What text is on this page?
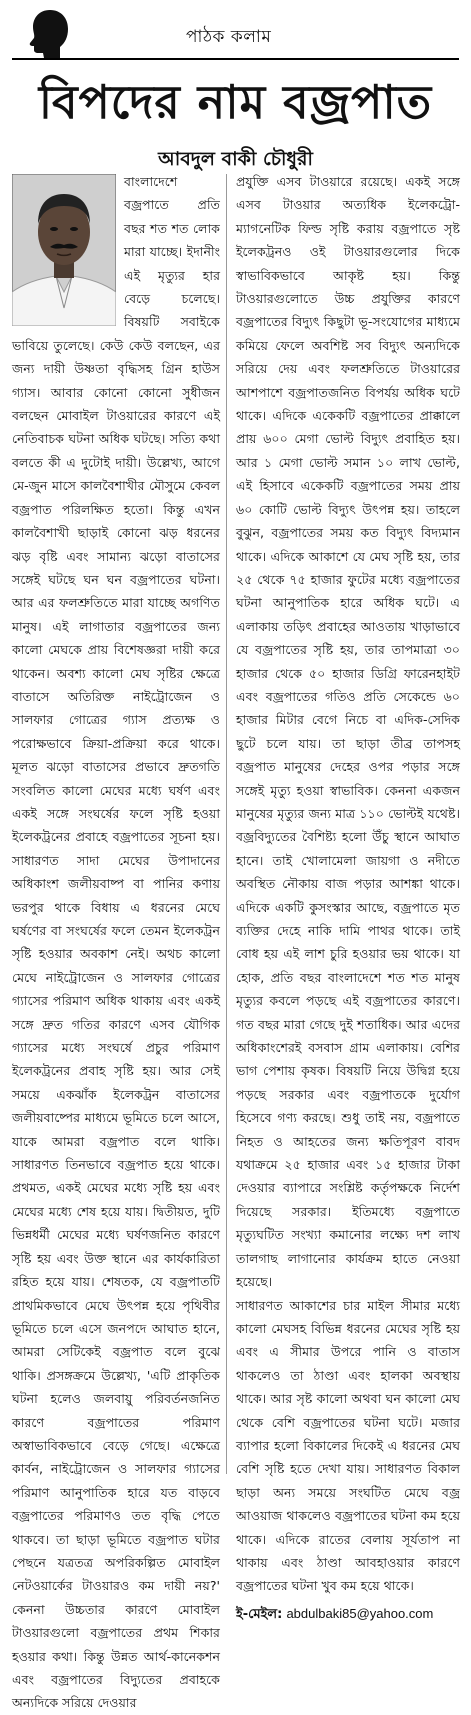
পাঠক কলাম
বিপদের নাম বজ্রপাত
আবদুল বাকী চৌধুরী

বাংলাদেশে বজ্রপাতে প্রতি বছর শত শত লোক মারা যাচ্ছে। ইদানীং এই মৃত্যুর হার বেড়ে চলেছে। বিষয়টি সবাইকে ভাবিয়ে তুলেছে। কেউ কেউ বলছেন, এর জন্য দায়ী উষ্ণতা বৃদ্ধিসহ গ্রিন হাউস গ্যাস। আবার কোনো কোনো সুধীজন বলছেন মোবাইল টাওয়ারের কারণে এই নেতিবাচক ঘটনা অধিক ঘটছে। সত্যি কথা বলতে কী এ দুটোই দায়ী। উল্লেখ্য, আগে মে-জুন মাসে কালবৈশাখীর মৌসুমে কেবল বজ্রপাত পরিলক্ষিত হতো। কিন্তু এখন কালবৈশাখী ছাড়াই কোনো ঝড় ধরনের ঝড় বৃষ্টি এবং সামান্য ঝড়ো বাতাসের সঙ্গেই ঘটছে ঘন ঘন বজ্রপাতের ঘটনা। আর এর ফলশ্রুতিতে মারা যাচ্ছে অগণিত মানুষ। এই লাগাতার বজ্রপাতের জন্য কালো মেঘকে প্রায় বিশেষজ্ঞরা দায়ী করে থাকেন। অবশ্য কালো মেঘ সৃষ্টির ক্ষেত্রে বাতাসে অতিরিক্ত নাইট্রোজেন ও সালফার গোত্রের গ্যাস প্রত্যক্ষ ও পরোক্ষভাবে ক্রিয়া-প্রক্রিয়া করে থাকে। মূলত ঝড়ো বাতাসের প্রভাবে দ্রুতগতি সংবলিত কালো মেঘের মধ্যে ঘর্ষণ এবং একই সঙ্গে সংঘর্ষের ফলে সৃষ্টি হওয়া ইলেকট্রনের প্রবাহে বজ্রপাতের সূচনা হয়। সাধারণত সাদা মেঘের উপাদানের অধিকাংশ জলীয়বাষ্প বা পানির কণায় ভরপুর থাকে বিধায় এ ধরনের মেঘে ঘর্ষণের বা সংঘর্ষের ফলে তেমন ইলেকট্রন সৃষ্টি হওয়ার অবকাশ নেই। অথচ কালো মেঘে নাইট্রোজেন ও সালফার গোত্রের গ্যাসের পরিমাণ অধিক থাকায় এবং একই সঙ্গে দ্রুত গতির কারণে এসব যৌগিক গ্যাসের মধ্যে সংঘর্ষে প্রচুর পরিমাণ ইলেকট্রনের প্রবাহ সৃষ্টি হয়। আর সেই সময়ে একঝাঁক ইলেকট্রন বাতাসের জলীয়বাষ্পের মাধ্যমে ভূমিতে চলে আসে, যাকে আমরা বজ্রপাত বলে থাকি। সাধারণত তিনভাবে বজ্রপাত হয়ে থাকে। প্রথমত, একই মেঘের মধ্যে সৃষ্টি হয় এবং মেঘের মধ্যে শেষ হয়ে যায়। দ্বিতীয়ত, দুটি ভিন্নধর্মী মেঘের মধ্যে ঘর্ষণজনিত কারণে সৃষ্টি হয় এবং উক্ত স্থানে এর কার্যকারিতা রহিত হয়ে যায়। শেষতক, যে বজ্রপাতটি প্রাথমিকভাবে মেঘে উৎপন্ন হয়ে পৃথিবীর ভূমিতে চলে এসে জনপদে আঘাত হানে, আমরা সেটিকেই বজ্রপাত বলে বুঝে থাকি। প্রসঙ্গক্রমে উল্লেখ্য, 'এটি প্রাকৃতিক ঘটনা হলেও জলবায়ু পরিবর্তনজনিত কারণে বজ্রপাতের পরিমাণ অস্বাভাবিকভাবে বেড়ে গেছে। এক্ষেত্রে কার্বন, নাইট্রোজেন ও সালফার গ্যাসের পরিমাণ আনুপাতিক হারে যত বাড়বে বজ্রপাতের পরিমাণও তত বৃদ্ধি পেতে থাকবে। তা ছাড়া ভূমিতে বজ্রপাত ঘটার পেছনে যত্রতত্র অপরিকল্পিত মোবাইল নেটওয়ার্কের টাওয়ারও কম দায়ী নয়?' কেননা উচ্চতার কারণে মোবাইল টাওয়ারগুলো বজ্রপাতের প্রথম শিকার হওয়ার কথা। কিন্তু উন্নত আর্থ-কানেকশন এবং বজ্রপাতের বিদ্যুতের প্রবাহকে অন্যদিকে সরিয়ে দেওয়ার

প্রযুক্তি এসব টাওয়ারে রয়েছে। একই সঙ্গে এসব টাওয়ার অত্যধিক ইলেকট্রো-ম্যাগনেটিক ফিল্ড সৃষ্টি করায় বজ্রপাতে সৃষ্ট ইলেকট্রনও ওই টাওয়ারগুলোর দিকে স্বাভাবিকভাবে আকৃষ্ট হয়। কিন্তু টাওয়ারগুলোতে উচ্চ প্রযুক্তির কারণে বজ্রপাতের বিদ্যুৎ কিছুটা ভূ-সংযোগের মাধ্যমে কমিয়ে ফেলে অবশিষ্ট সব বিদ্যুৎ অন্যদিকে সরিয়ে দেয় এবং ফলশ্রুতিতে টাওয়ারের আশপাশে বজ্রপাতজনিত বিপর্যয় অধিক ঘটে থাকে। এদিকে একেকটি বজ্রপাতের প্রাক্কালে প্রায় ৬০০ মেগা ভোল্ট বিদ্যুৎ প্রবাহিত হয়। আর ১ মেগা ভোল্ট সমান ১০ লাখ ভোল্ট, এই হিসাবে একেকটি বজ্রপাতের সময় প্রায় ৬০ কোটি ভোল্ট বিদ্যুৎ উৎপন্ন হয়। তাহলে বুঝুন, বজ্রপাতের সময় কত বিদ্যুৎ বিদ্যমান থাকে। এদিকে আকাশে যে মেঘ সৃষ্টি হয়, তার ২৫ থেকে ৭৫ হাজার ফুটের মধ্যে বজ্রপাতের ঘটনা আনুপাতিক হারে অধিক ঘটে। এ এলাকায় তড়িৎ প্রবাহের আওতায় খাড়াভাবে যে বজ্রপাতের সৃষ্টি হয়, তার তাপমাত্রা ৩০ হাজার থেকে ৫০ হাজার ডিগ্রি ফারেনহাইট এবং বজ্রপাতের গতিও প্রতি সেকেন্ডে ৬০ হাজার মিটার বেগে নিচে বা এদিক-সেদিক ছুটে চলে যায়। তা ছাড়া তীব্র তাপসহ বজ্রপাত মানুষের দেহের ওপর পড়ার সঙ্গে সঙ্গেই মৃত্যু হওয়া স্বাভাবিক। কেননা একজন মানুষের মৃত্যুর জন্য মাত্র ১১০ ভোল্টই যথেষ্ট। বজ্রবিদ্যুতের বৈশিষ্ট্য হলো উঁচু স্থানে আঘাত হানে। তাই খোলামেলা জায়গা ও নদীতে অবস্থিত নৌকায় বাজ পড়ার আশঙ্কা থাকে। এদিকে একটি কুসংস্কার আছে, বজ্রপাতে মৃত ব্যক্তির দেহে নাকি দামি পাথর থাকে। তাই বোধ হয় এই লাশ চুরি হওয়ার ভয় থাকে। যা হোক, প্রতি বছর বাংলাদেশে শত শত মানুষ মৃত্যুর কবলে পড়ছে এই বজ্রপাতের কারণে। গত বছর মারা গেছে দুই শতাধিক। আর এদের অধিকাংশেরই বসবাস গ্রাম এলাকায়। বেশির ভাগ পেশায় কৃষক। বিষয়টি নিয়ে উদ্বিগ্ন হয়ে পড়ছে সরকার এবং বজ্রপাতকে দুর্যোগ হিসেবে গণ্য করছে। শুধু তাই নয়, বজ্রপাতে নিহত ও আহতের জন্য ক্ষতিপূরণ বাবদ যথাক্রমে ২৫ হাজার এবং ১৫ হাজার টাকা দেওয়ার ব্যাপারে সংশ্লিষ্ট কর্তৃপক্ষকে নির্দেশ দিয়েছে সরকার। ইতিমধ্যে বজ্রপাতে মৃত্যুঘটিত সংখ্যা কমানোর লক্ষ্যে দশ লাখ তালগাছ লাগানোর কার্যক্রম হাতে নেওয়া হয়েছে।

সাধারণত আকাশের চার মাইল সীমার মধ্যে কালো মেঘসহ বিভিন্ন ধরনের মেঘের সৃষ্টি হয় এবং এ সীমার উপরে পানি ও বাতাস থাকলেও তা ঠাণ্ডা এবং হালকা অবস্থায় থাকে। আর সৃষ্ট কালো অথবা ঘন কালো মেঘ থেকে বেশি বজ্রপাতের ঘটনা ঘটে। মজার ব্যাপার হলো বিকালের দিকেই এ ধরনের মেঘ বেশি সৃষ্টি হতে দেখা যায়। সাধারণত বিকাল ছাড়া অন্য সময়ে সংঘটিত মেঘে বজ্র আওয়াজ থাকলেও বজ্রপাতের ঘটনা কম হয়ে থাকে। এদিকে রাতের বেলায় সূর্যতাপ না থাকায় এবং ঠাণ্ডা আবহাওয়ার কারণে বজ্রপাতের ঘটনা খুব কম হয়ে থাকে।

ই-মেইল: abdulbaki85@yahoo.com
